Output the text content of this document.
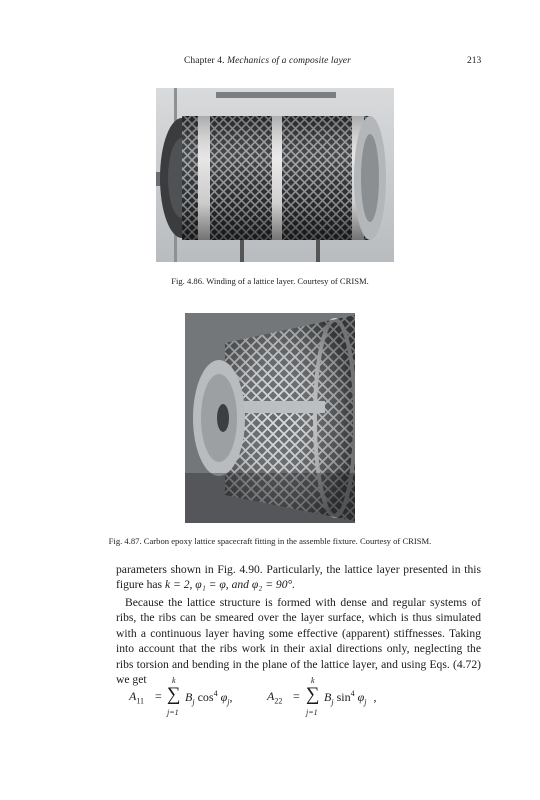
Chapter 4. Mechanics of a composite layer	213
Fig. 4.86. Winding of a lattice layer. Courtesy of CRISM.
Fig. 4.87. Carbon epoxy lattice spacecraft fitting in the assemble fixture. Courtesy of CRISM.

parameters shown in Fig. 4.90. Particularly, the lattice layer presented in this figure has k = 2, φ₁ = φ, and φ₂ = 90°.

Because the lattice structure is formed with dense and regular systems of ribs, the ribs can be smeared over the layer surface, which is thus simulated with a continuous layer having some effective (apparent) stiffnesses. Taking into account that the ribs work in their axial directions only, neglecting the ribs torsion and bending in the plane of the lattice layer, and using Eqs. (4.72) we get	k
∑
j=1
$A_{11} = B_j$ $\cos^4 \varphi_j$,
k
∑
j=1
$A_{22} = B_j$ $\sin^4 \varphi_j$ ,
